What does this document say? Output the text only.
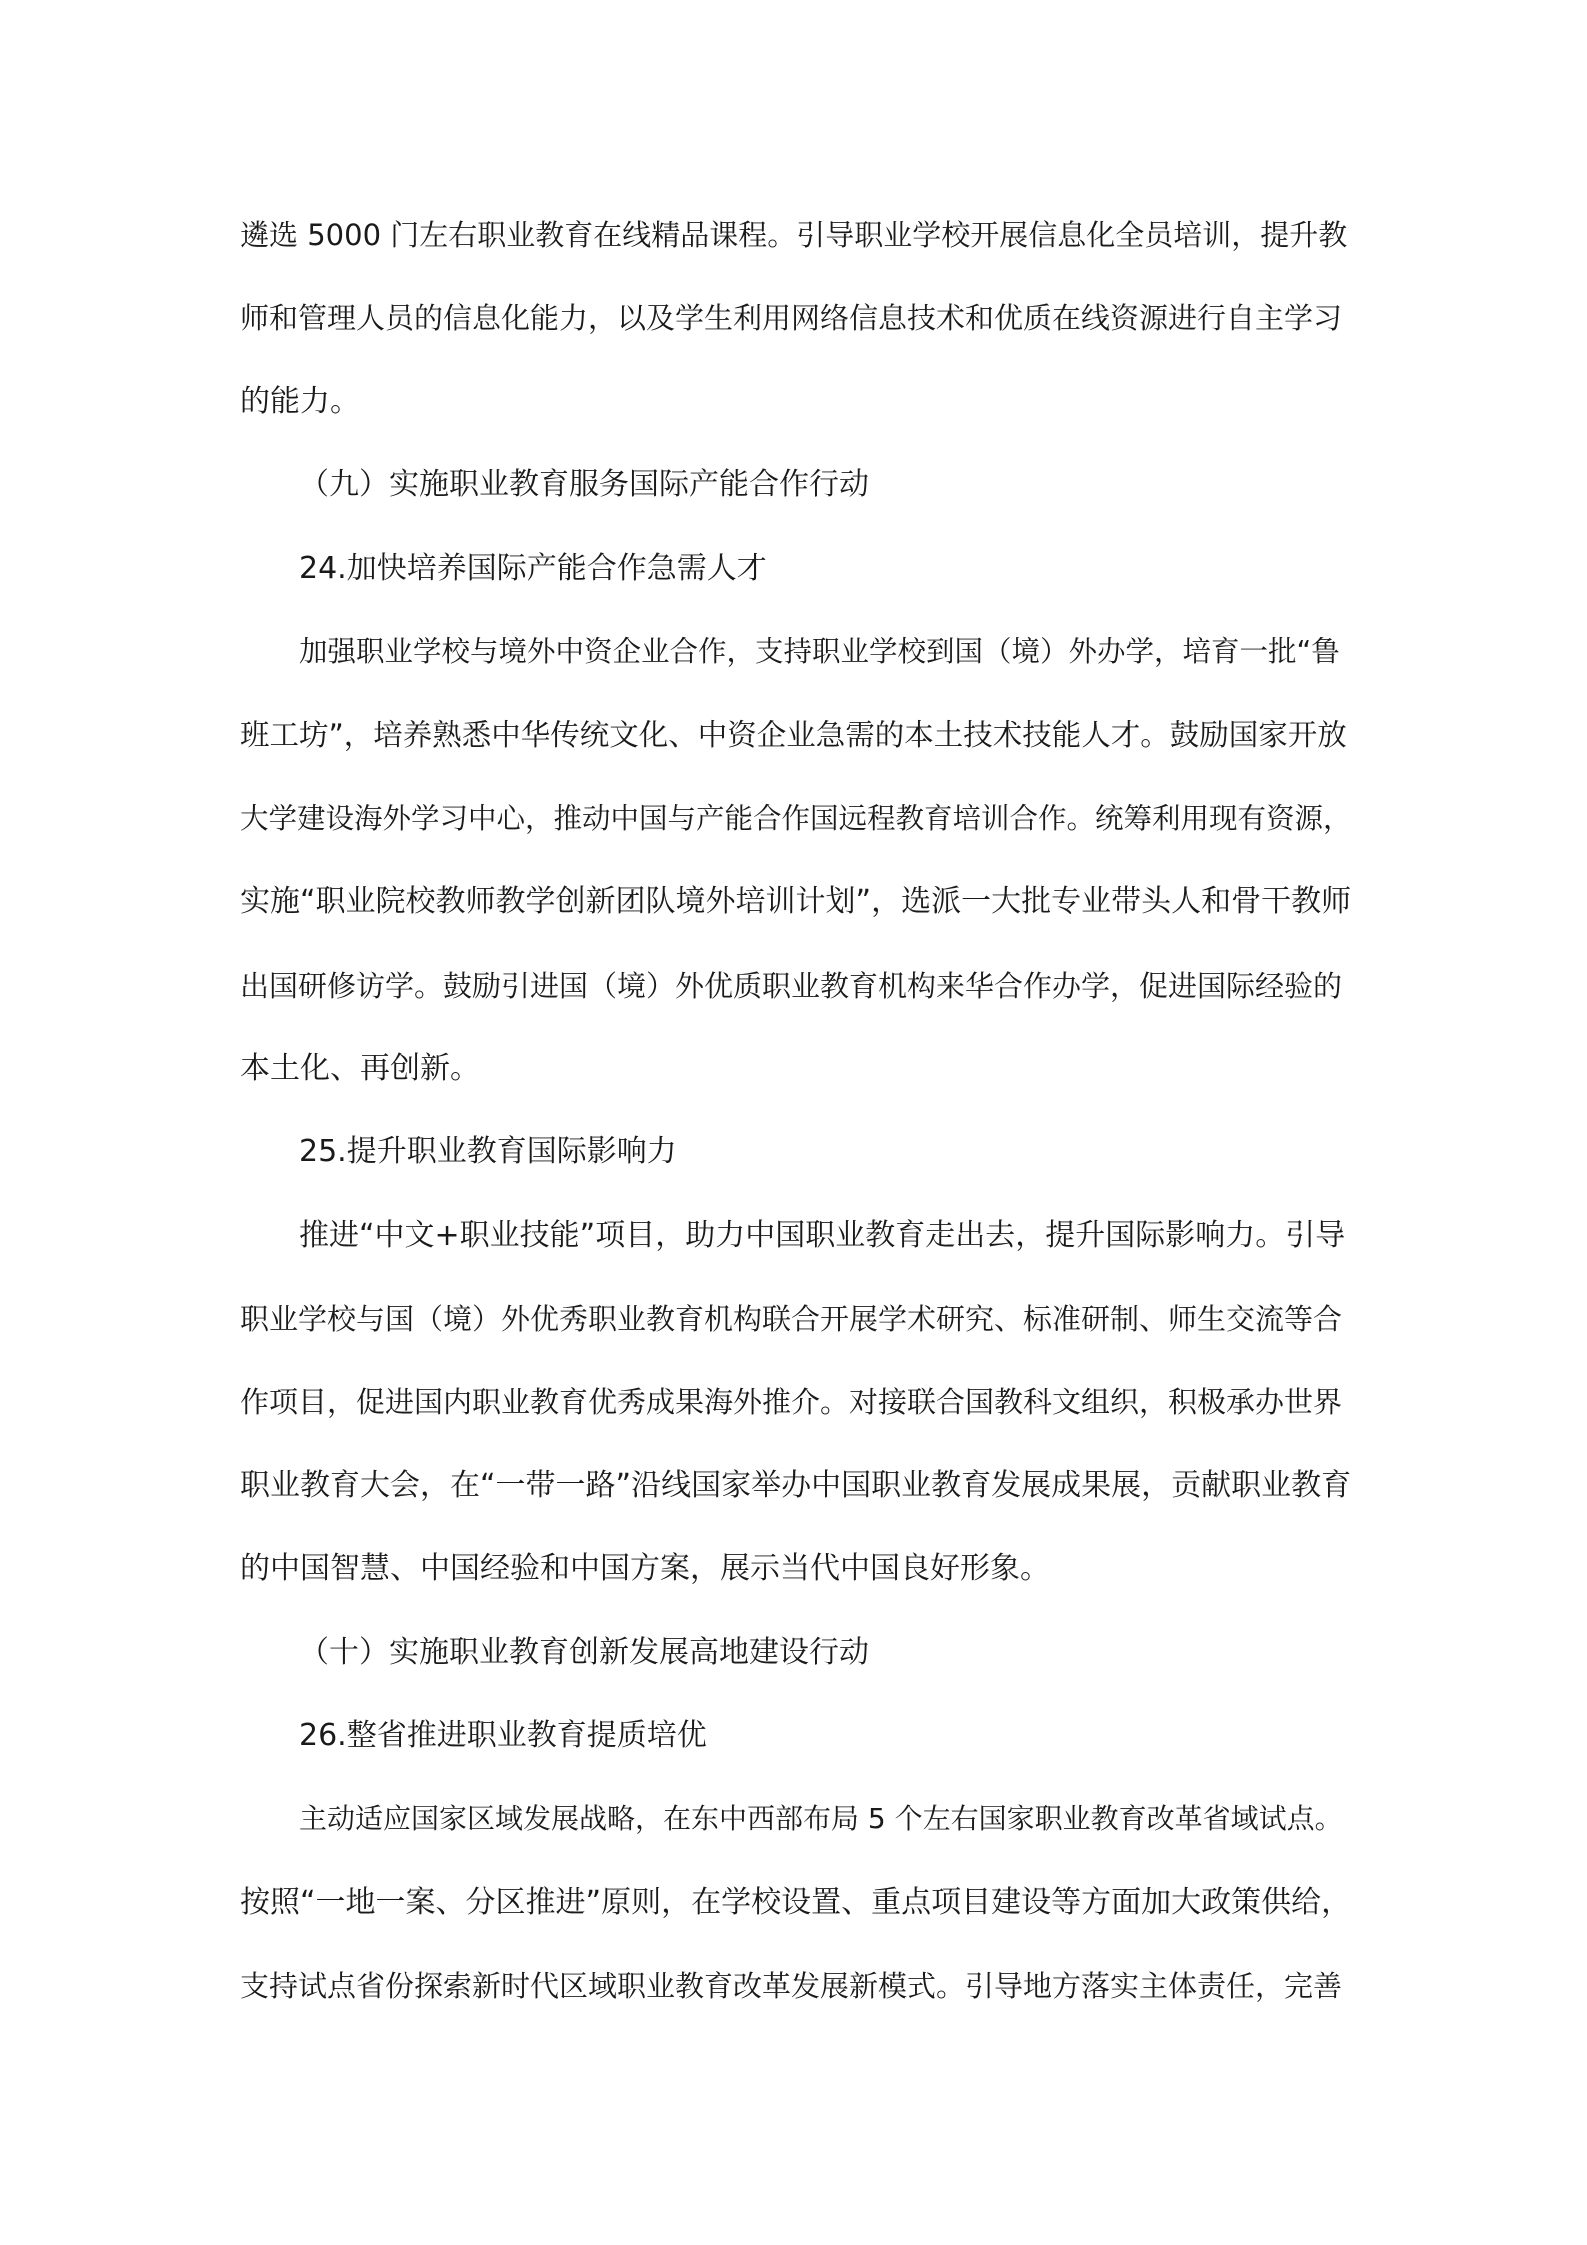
遴选 5000 门左右职业教育在线精品课程。引导职业学校开展信息化全员培训，提升教
师和管理人员的信息化能力，以及学生利用网络信息技术和优质在线资源进行自主学习
的能力。
（九）实施职业教育服务国际产能合作行动
24.加快培养国际产能合作急需人才
加强职业学校与境外中资企业合作，支持职业学校到国（境）外办学，培育一批“鲁
班工坊”，培养熟悉中华传统文化、中资企业急需的本土技术技能人才。鼓励国家开放
大学建设海外学习中心，推动中国与产能合作国远程教育培训合作。统筹利用现有资源，
实施“职业院校教师教学创新团队境外培训计划”，选派一大批专业带头人和骨干教师
出国研修访学。鼓励引进国（境）外优质职业教育机构来华合作办学，促进国际经验的
本土化、再创新。
25.提升职业教育国际影响力
推进“中文+职业技能”项目，助力中国职业教育走出去，提升国际影响力。引导
职业学校与国（境）外优秀职业教育机构联合开展学术研究、标准研制、师生交流等合
作项目，促进国内职业教育优秀成果海外推介。对接联合国教科文组织，积极承办世界
职业教育大会，在“一带一路”沿线国家举办中国职业教育发展成果展，贡献职业教育
的中国智慧、中国经验和中国方案，展示当代中国良好形象。
（十）实施职业教育创新发展高地建设行动
26.整省推进职业教育提质培优
主动适应国家区域发展战略，在东中西部布局 5 个左右国家职业教育改革省域试点。
按照“一地一案、分区推进”原则，在学校设置、重点项目建设等方面加大政策供给，
支持试点省份探索新时代区域职业教育改革发展新模式。引导地方落实主体责任，完善
